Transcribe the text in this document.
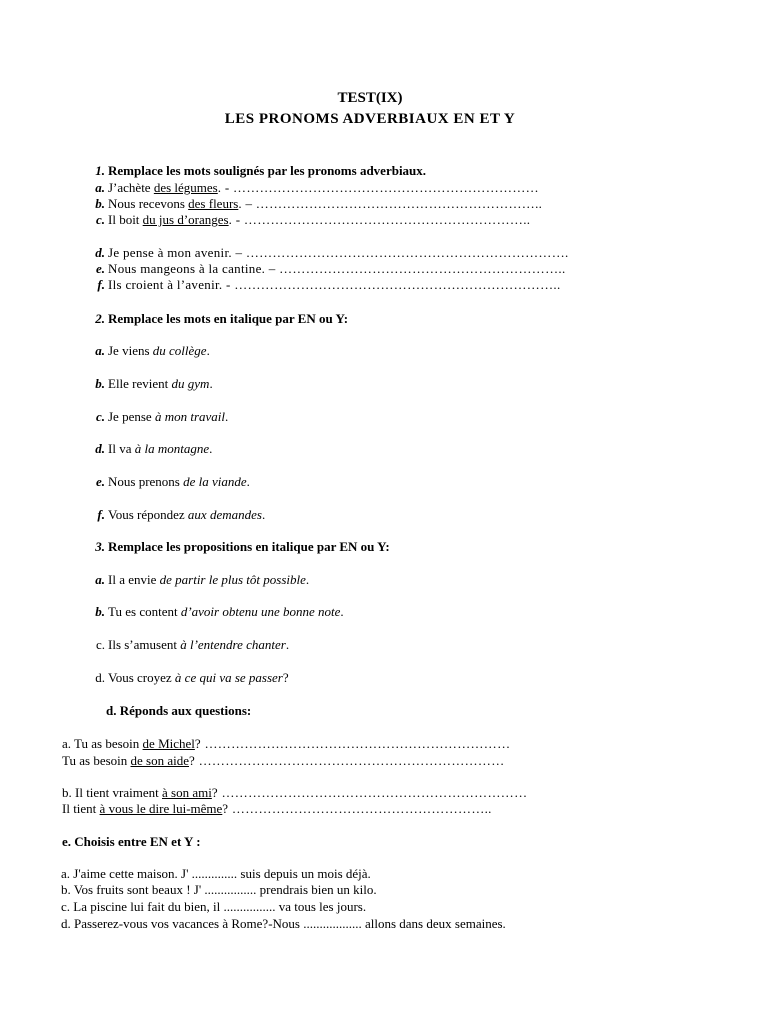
TEST(IX)
LES PRONOMS ADVERBIAUX EN ET Y
1. Remplace les mots soulignés par les pronoms adverbiaux.
a. J’achète des légumes. - ……………………………………………………………
b. Nous recevons des fleurs. – ………………………………………………………..
c. Il boit du jus d’oranges. - ………………………………………………………..
d. Je pense à mon avenir. – ……………………………………………………………….
e. Nous mangeons à la cantine. – ………………………………………………………..
f. Ils croient à l’avenir. - ………………………………………………………………..
2. Remplace les mots en italique par EN ou Y:
a. Je viens du collège.
b. Elle revient du gym.
c. Je pense à mon travail.
d. Il va à la montagne.
e. Nous prenons de la viande.
f. Vous répondez aux demandes.
3. Remplace les propositions en italique par EN ou Y:
a. Il a envie de partir le plus tôt possible.
b. Tu es content d’avoir obtenu une bonne note.
c. Ils s’amusent à l’entendre chanter.
d. Vous croyez à ce qui va se passer?
d. Réponds aux questions:
a. Tu as besoin de Michel? ……………………………………………………………
Tu as besoin de son aide? ……………………………………………………………
b. Il tient vraiment à son ami? ……………………………………………………………
Il tient à vous le dire lui-même? …………………………………………………..
e. Choisis entre EN et Y :
a. J'aime cette maison. J' .............. suis depuis un mois déjà.
b. Vos fruits sont beaux ! J' ................ prendrais bien un kilo.
c. La piscine lui fait du bien, il ................ va tous les jours.
d. Passerez-vous vos vacances à Rome?-Nous .................. allons dans deux semaines.
